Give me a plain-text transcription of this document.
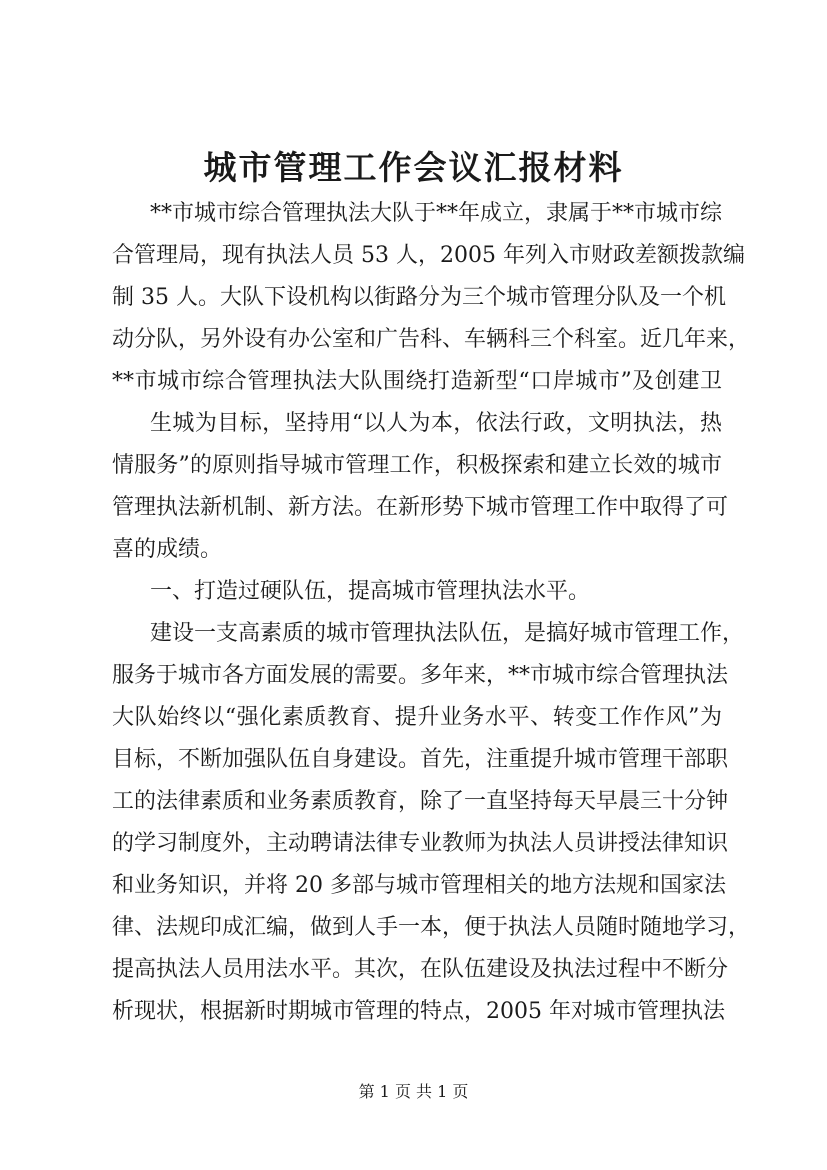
城市管理工作会议汇报材料

**市城市综合管理执法大队于**年成立，隶属于**市城市综

合管理局，现有执法人员 53 人，2005 年列入市财政差额拨款编

制 35 人。大队下设机构以街路分为三个城市管理分队及一个机

动分队，另外设有办公室和广告科、车辆科三个科室。近几年来，

**市城市综合管理执法大队围绕打造新型“口岸城市”及创建卫

生城为目标，坚持用“以人为本，依法行政，文明执法，热

情服务”的原则指导城市管理工作，积极探索和建立长效的城市

管理执法新机制、新方法。在新形势下城市管理工作中取得了可

喜的成绩。

一、打造过硬队伍，提高城市管理执法水平。

建设一支高素质的城市管理执法队伍，是搞好城市管理工作，

服务于城市各方面发展的需要。多年来，**市城市综合管理执法

大队始终以“强化素质教育、提升业务水平、转变工作作风”为

目标，不断加强队伍自身建设。首先，注重提升城市管理干部职

工的法律素质和业务素质教育，除了一直坚持每天早晨三十分钟

的学习制度外，主动聘请法律专业教师为执法人员讲授法律知识

和业务知识，并将 20 多部与城市管理相关的地方法规和国家法

律、法规印成汇编，做到人手一本，便于执法人员随时随地学习，

提高执法人员用法水平。其次，在队伍建设及执法过程中不断分

析现状，根据新时期城市管理的特点，2005 年对城市管理执法

第 1 页 共 1 页
